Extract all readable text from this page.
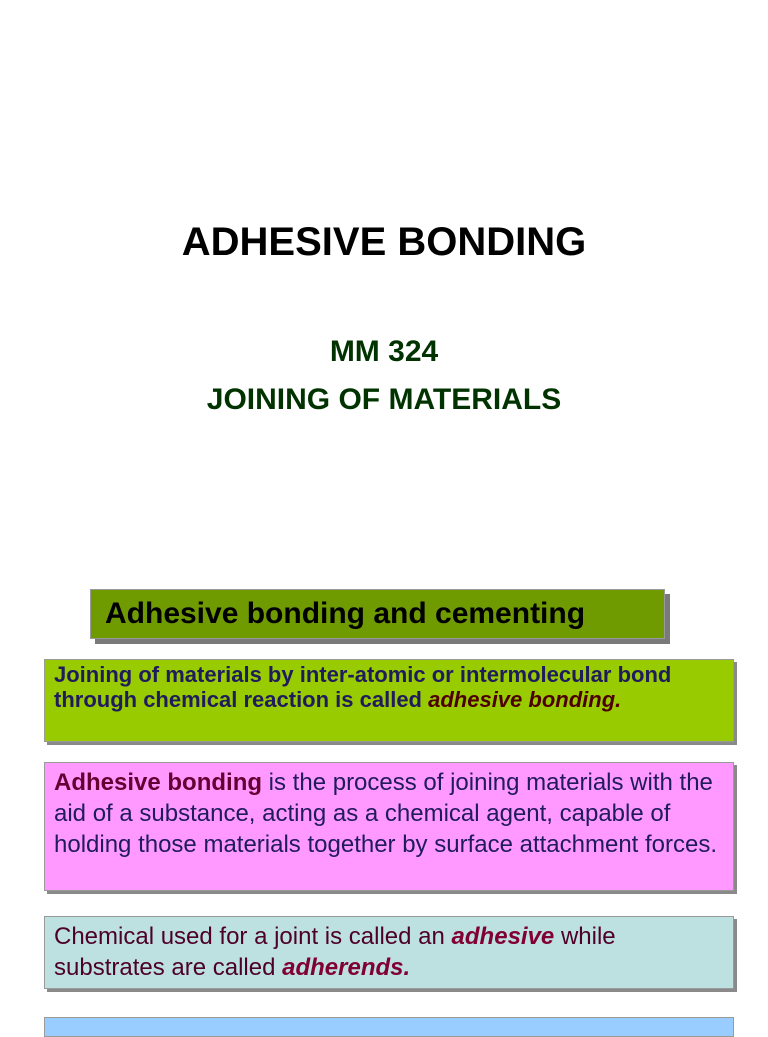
ADHESIVE BONDING
MM 324
JOINING OF MATERIALS
Adhesive bonding and cementing
Joining of materials by inter-atomic or intermolecular bond through chemical reaction is called adhesive bonding.
Adhesive bonding is the process of joining materials with the aid of a substance, acting as a chemical agent, capable of holding those materials together by surface attachment forces.
Chemical used for a joint is called an adhesive while substrates are called adherends.
